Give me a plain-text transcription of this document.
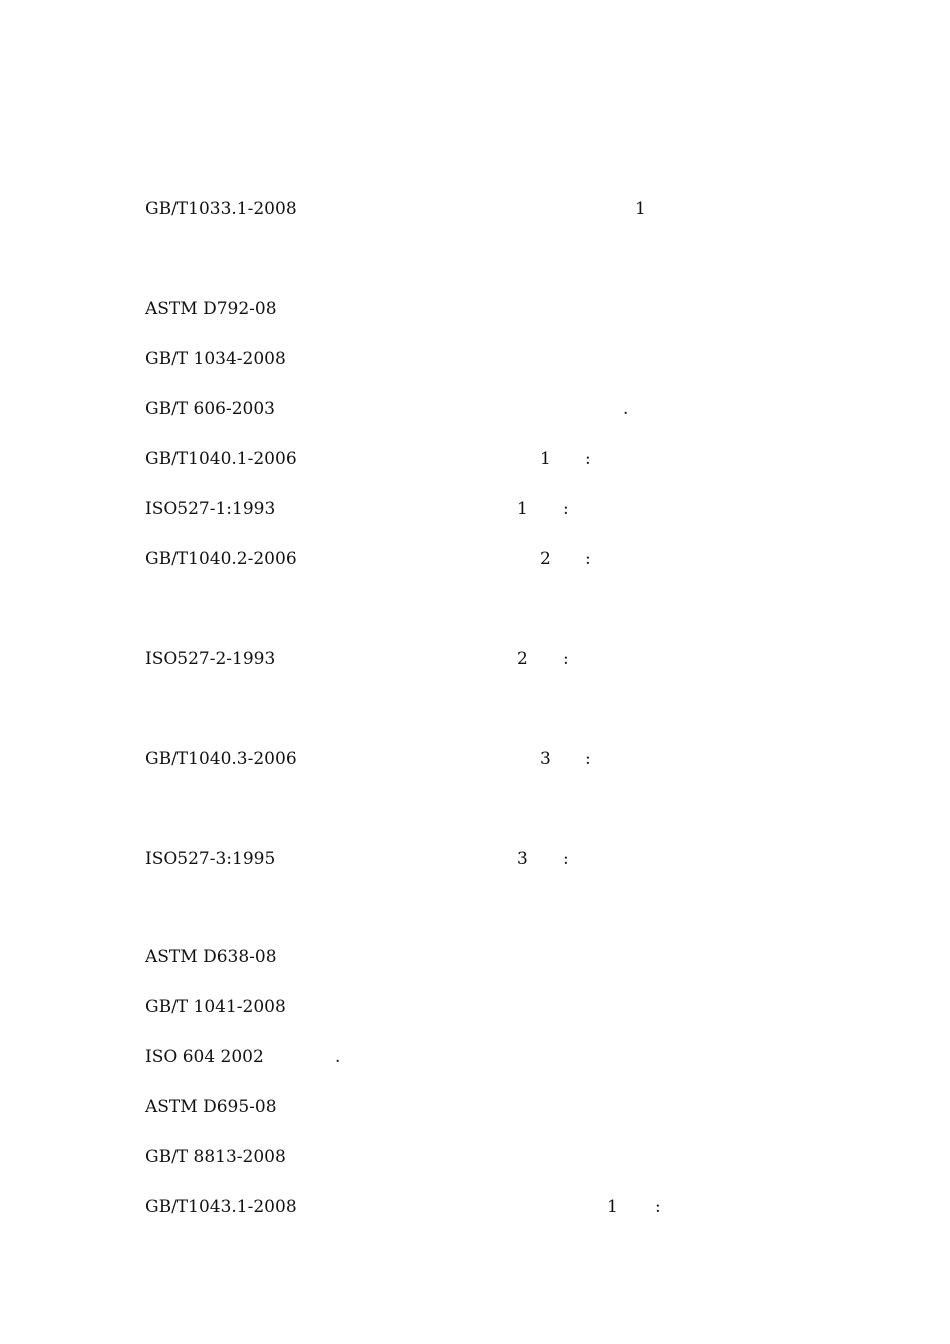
GB/T1033.1-2008	1
ASTM D792-08
GB/T 1034-2008
GB/T 606-2003	.
GB/T1040.1-2006	1 :
ISO527-1:1993	1 :
GB/T1040.2-2006	2 :
ISO527-2-1993	2 :
GB/T1040.3-2006	3 :
ISO527-3:1995	3 :
ASTM D638-08
GB/T 1041-2008
ISO 604 2002	.
ASTM D695-08
GB/T 8813-2008
GB/T1043.1-2008	1 :
